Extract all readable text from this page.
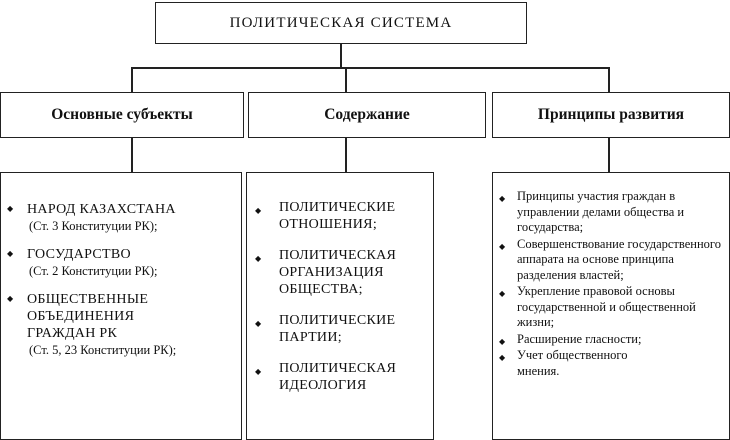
ПОЛИТИЧЕСКАЯ СИСТЕМА
Основные субъекты	Содержание	Принципы развития
◆ НАРОД КАЗАХСТАНА
(Ст. 3 Конституции РК);
◆ ГОСУДАРСТВО
(Ст. 2 Конституции РК);
◆ ОБЩЕСТВЕННЫЕ ОБЪЕДИНЕНИЯ ГРАЖДАН РК
(Ст. 5, 23 Конституции РК);
◆ ПОЛИТИЧЕСКИЕ ОТНОШЕНИЯ;
◆ ПОЛИТИЧЕСКАЯ ОРГАНИЗАЦИЯ ОБЩЕСТВА;
◆ ПОЛИТИЧЕСКИЕ ПАРТИИ;
◆ ПОЛИТИЧЕСКАЯ ИДЕОЛОГИЯ
◆ Принципы участия граждан в управлении делами общества и государства;
◆ Совершенствование государственного аппарата на основе принципа разделения властей;
◆ Укрепление правовой основы государственной и общественной жизни;
◆ Расширение гласности;
◆ Учет общественного мнения.
